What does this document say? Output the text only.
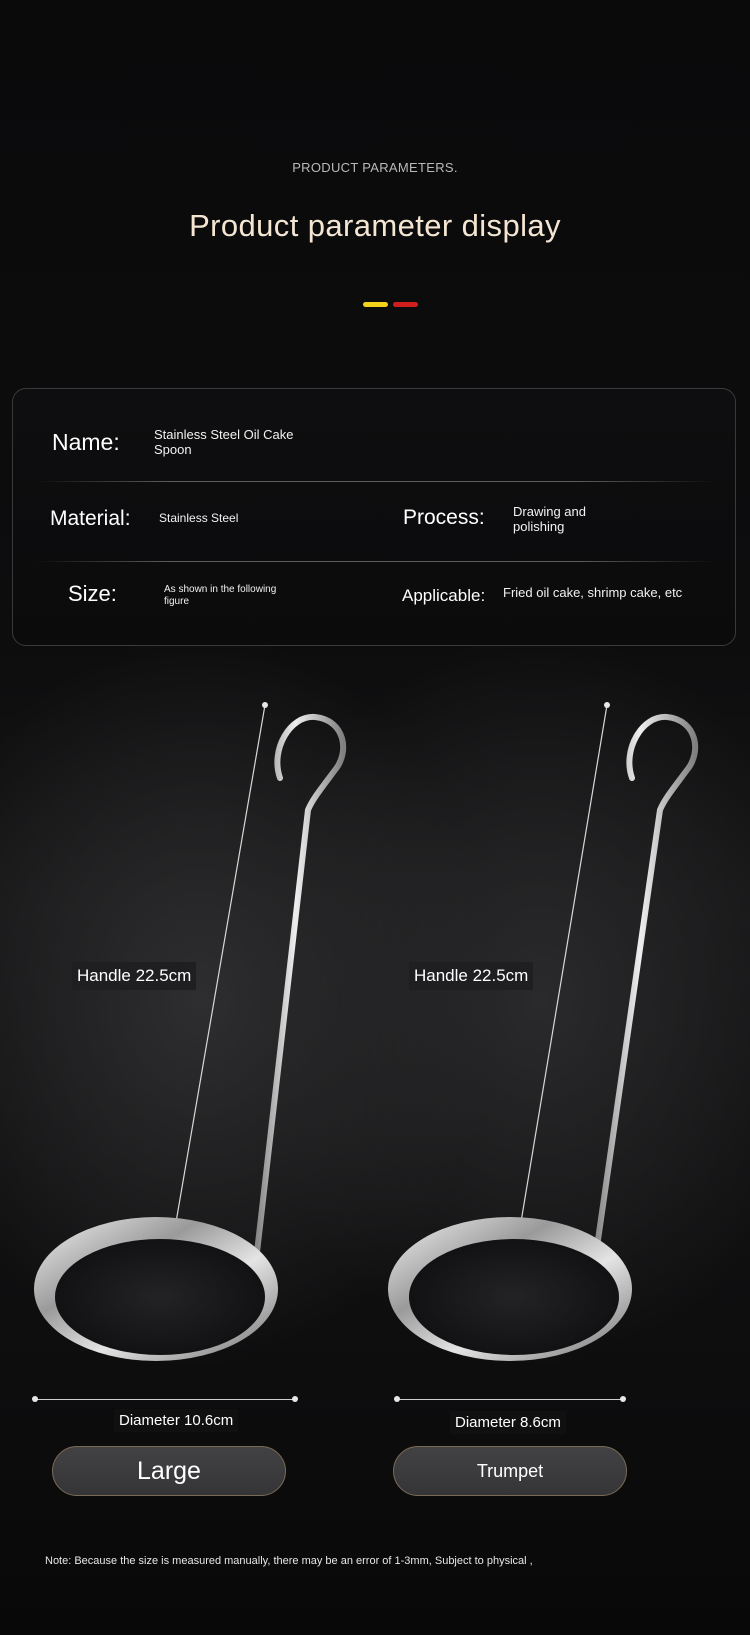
PRODUCT PARAMETERS.
Product parameter display
Name:	Stainless Steel Oil Cake Spoon
Material: Stainless Steel	Process: Drawing and polishing
Size:	As shown in the following figure	Applicable: Fried oil cake, shrimp cake, etc
Handle 22.5cm	Handle 22.5cm
Diameter 10.6cm	Diameter 8.6cm
Large	Trumpet
Note: Because the size is measured manually, there may be an error of 1-3mm, Subject to physical ,
